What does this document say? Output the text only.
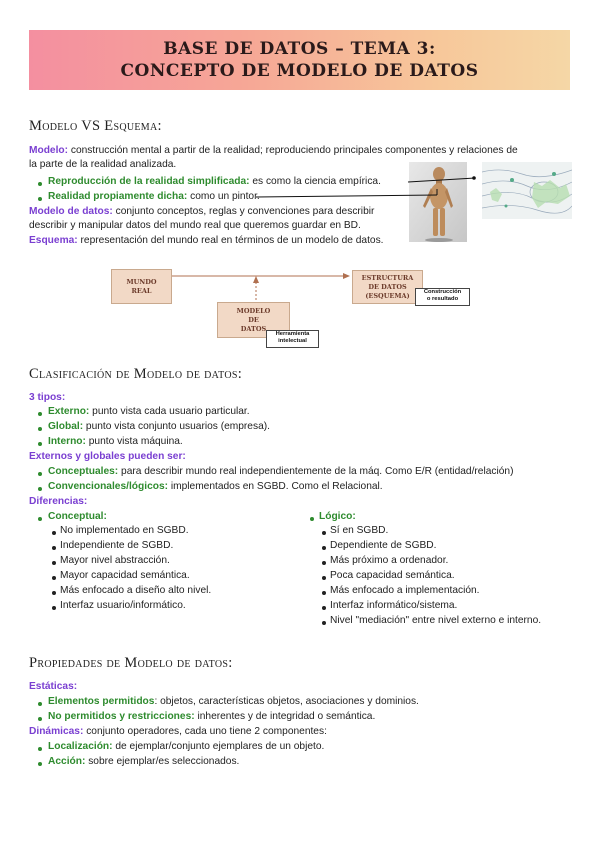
BASE DE DATOS – TEMA 3:
CONCEPTO DE MODELO DE DATOS
Modelo VS Esquema:
Modelo: construcción mental a partir de la realidad; reproduciendo principales componentes y relaciones de
la parte de la realidad analizada.
Reproducción de la realidad simplificada: es como la ciencia empírica.
Realidad propiamente dicha: como un pintor.
Modelo de datos: conjunto conceptos, reglas y convenciones para describir
describir y manipular datos del mundo real que queremos guardar en BD.
Esquema: representación del mundo real en términos de un modelo de datos.
MUNDO
REAL
ESTRUCTURA
DE DATOS
(ESQUEMA)
MODELO
DE
DATOS
Construcción
o resultado
Herramienta
intelectual
Clasificación de Modelo de datos:
3 tipos:
Externo: punto vista cada usuario particular.
Global: punto vista conjunto usuarios (empresa).
Interno: punto vista máquina.
Externos y globales pueden ser:
Conceptuales: para describir mundo real independientemente de la máq. Como E/R (entidad/relación)
Convencionales/lógicos: implementados en SGBD. Como el Relacional.
Diferencias:
Conceptual:
No implementado en SGBD.
Independiente de SGBD.
Mayor nivel abstracción.
Mayor capacidad semántica.
Más enfocado a diseño alto nivel.
Interfaz usuario/informático.
Lógico:
Sí en SGBD.
Dependiente de SGBD.
Más próximo a ordenador.
Poca capacidad semántica.
Más enfocado a implementación.
Interfaz informático/sistema.
Nivel "mediación" entre nivel externo e interno.
Propiedades de Modelo de datos:
Estáticas:
Elementos permitidos: objetos, características objetos, asociaciones y dominios.
No permitidos y restricciones: inherentes y de integridad o semántica.
Dinámicas: conjunto operadores, cada uno tiene 2 componentes:
Localización: de ejemplar/conjunto ejemplares de un objeto.
Acción: sobre ejemplar/es seleccionados.
